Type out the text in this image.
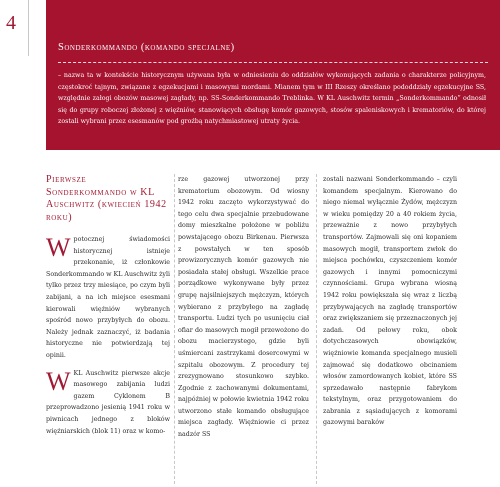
4
Sonderkommando (komando specjalne)

– nazwa ta w kontekście historycznym używana była w odniesieniu do oddziałów wykonujących zadania o charakterze policyjnym, częstokroć tajnym, związane z egzekucjami i masowymi mordami. Mianem tym w III Rzeszy określano pododdziały egzekucyjne SS, względnie załogi obozów masowej zagłady, np. SS-Sonderkommando Treblinka. W KL Auschwitz termin „Sonderkommando” odnosił się do grupy roboczej złożonej z więźniów, stanowiących obsługę komór gazowych, stosów spaleniskowych i krematoriów, do której zostali wybrani przez esesmanów pod groźbą natychmiastowej utraty życia.

Pierwsze Sonderkommando w KL Auschwitz (kwiecień 1942 roku)

W potocznej świadomości historycznej istnieje przekonanie, iż członkowie Sonderkommando w KL Auschwitz żyli tylko przez trzy miesiące, po czym byli zabijani, a na ich miejsce esesmani kierowali więźniów wybranych spośród nowo przybyłych do obozu. Należy jednak zaznaczyć, iż badania historyczne nie potwierdzają tej opinii.

W KL Auschwitz pierwsze akcje masowego zabijania ludzi gazem Cyklonem B przeprowadzono jesienią 1941 roku w piwnicach jednego z bloków więźniarskich (blok 11) oraz w komo-

rze gazowej utworzonej przy krematorium obozowym. Od wiosny 1942 roku zaczęto wykorzystywać do tego celu dwa specjalnie przebudowane domy mieszkalne położone w pobliżu powstającego obozu Birkenau. Pierwsza z powstałych w ten sposób prowizorycznych komór gazowych nie posiadała stałej obsługi. Wszelkie prace porządkowe wykonywane były przez grupę najsilniejszych mężczyzn, których wybierano z przybyłego na zagładę transportu. Ludzi tych po usunięciu ciał ofiar do masowych mogił przewożono do obozu macierzystego, gdzie byli uśmiercani zastrzykami dosercowymi w szpitalu obozowym. Z procedury tej zrezygnowano stosunkowo szybko. Zgodnie z zachowanymi dokumentami, najpóźniej w połowie kwietnia 1942 roku utworzono stałe komando obsługujące miejsca zagłady. Więźniowie ci przez nadzór SS

zostali nazwani Sonderkommando – czyli komandem specjalnym. Kierowano do niego niemal wyłącznie Żydów, mężczyzn w wieku pomiędzy 20 a 40 rokiem życia, przeważnie z nowo przybyłych transportów. Zajmowali się oni kopaniem masowych mogił, transportem zwłok do miejsca pochówku, czyszczeniem komór gazowych i innymi pomocniczymi czynnościami. Grupa wybrana wiosną 1942 roku powiększała się wraz z liczbą przybywających na zagładę transportów oraz zwiększaniem się przeznaczonych jej zadań. Od pełowy roku, obok dotychczasowych obowiązków, więźniowie komanda specjalnego musieli zajmować się dodatkowo obcinaniem włosów zamordowanych kobiet, które SS sprzedawało następnie fabrykom tekstylnym, oraz przygotowaniem do zabrania z sąsiadujących z komorami gazowymi baraków
